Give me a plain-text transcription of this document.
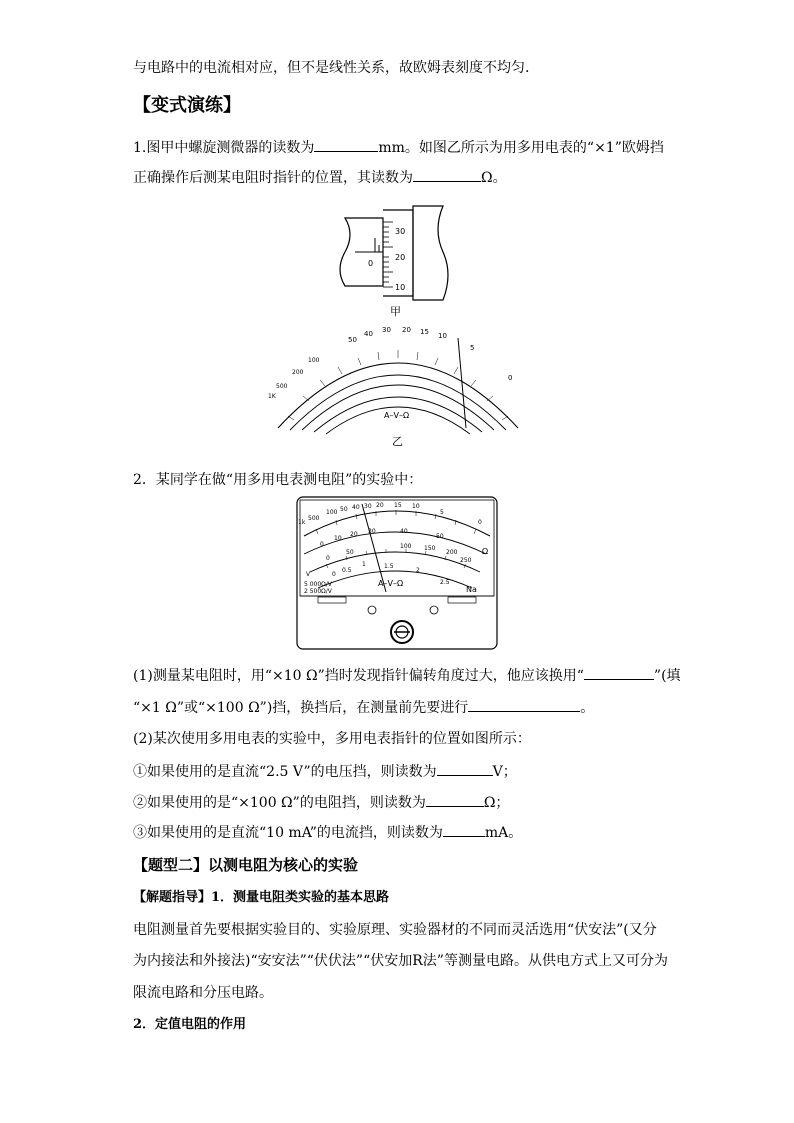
与电路中的电流相对应，但不是线性关系，故欧姆表刻度不均匀.
【变式演练】
1.图甲中螺旋测微器的读数为	mm。如图乙所示为用多用电表的“×1”欧姆挡
正确操作后测某电阻时指针的位置，其读数为	Ω。
30
20
10
0
甲
50
40 30 20 15 10
5
0
500
1K
200
100
A–V–Ω
乙
2．某同学在做“用多用电表测电阻”的实验中：
500
100 50 40 30 20 15 10
5
0
1k
0
10
20 30	40
50
0
50
100 150
200
250
0
0.5
1	1.5
2
2.5
Ω
V
A–V–Ω
5 000Ω/V
2 500Ω/V	Na
(1)测量某电阻时，用“×10 Ω”挡时发现指针偏转角度过大，他应该换用“	”(填
“×1 Ω”或“×100 Ω”)挡，换挡后，在测量前先要进行	。
(2)某次使用多用电表的实验中，多用电表指针的位置如图所示：
①如果使用的是直流“2.5 V”的电压挡，则读数为	V；
②如果使用的是“×100 Ω”的电阻挡，则读数为	Ω；
③如果使用的是直流“10 mA”的电流挡，则读数为	mA。
【题型二】以测电阻为核心的实验
【解题指导】1．测量电阻类实验的基本思路
电阻测量首先要根据实验目的、实验原理、实验器材的不同而灵活选用“伏安法”(又分
为内接法和外接法)“安安法”“伏伏法”“伏安加R法”等测量电路。从供电方式上又可分为
限流电路和分压电路。
2．定值电阻的作用
